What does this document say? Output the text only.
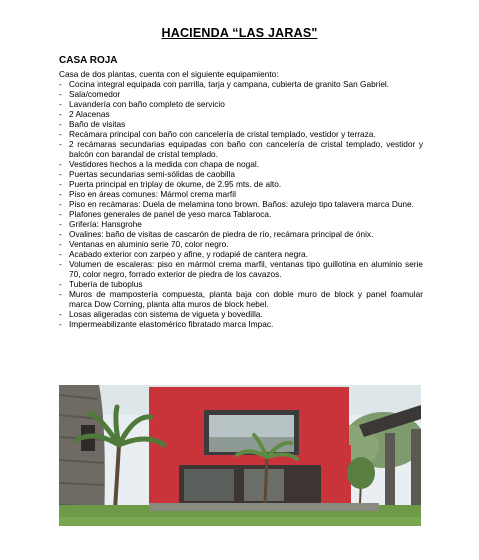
HACIENDA “LAS JARAS"
CASA ROJA
Casa de dos plantas, cuenta con el siguiente equipamiento:
- Cocina integral equipada con parrilla, tarja y campana, cubierta de granito San Gabriel.
- Sala/comedor
- Lavandería con baño completo de servicio
- 2 Alacenas
- Baño de visitas
- Recámara principal con baño con cancelería de cristal templado, vestidor y terraza.
- 2 recámaras secundarias equipadas con baño con cancelería de cristal templado, vestidor y balcón con barandal de cristal templado.
- Vestidores hechos a la medida con chapa de nogal.
- Puertas secundarias semi-sólidas de caobilla
- Puerta principal en triplay de okume, de 2.95 mts. de alto.
- Piso en áreas comunes: Mármol crema marfil
- Piso en recámaras: Duela de melamina tono brown. Baños: azulejo tipo talavera marca Dune.
- Plafones generales de panel de yeso marca Tablaroca.
- Grifería: Hansgrohe
- Ovalines: baño de visitas de cascarón de piedra de río, recámara principal de ónix.
- Ventanas en aluminio serie 70, color negro.
- Acabado exterior con zarpeo y afine, y rodapié de cantera negra.
- Volumen de escaleras: piso en mármol crema marfil, ventanas tipo guillotina en aluminio serie 70, color negro, forrado exterior de piedra de los cavazos.
- Tubería de tuboplus
- Muros de mampostería compuesta, planta baja con doble muro de block y panel foamular marca Dow Corning, planta alta muros de block hebel.
- Losas aligeradas con sistema de vigueta y bovedilla.
- Impermeabilizante elastomérico fibratado marca Impac.
